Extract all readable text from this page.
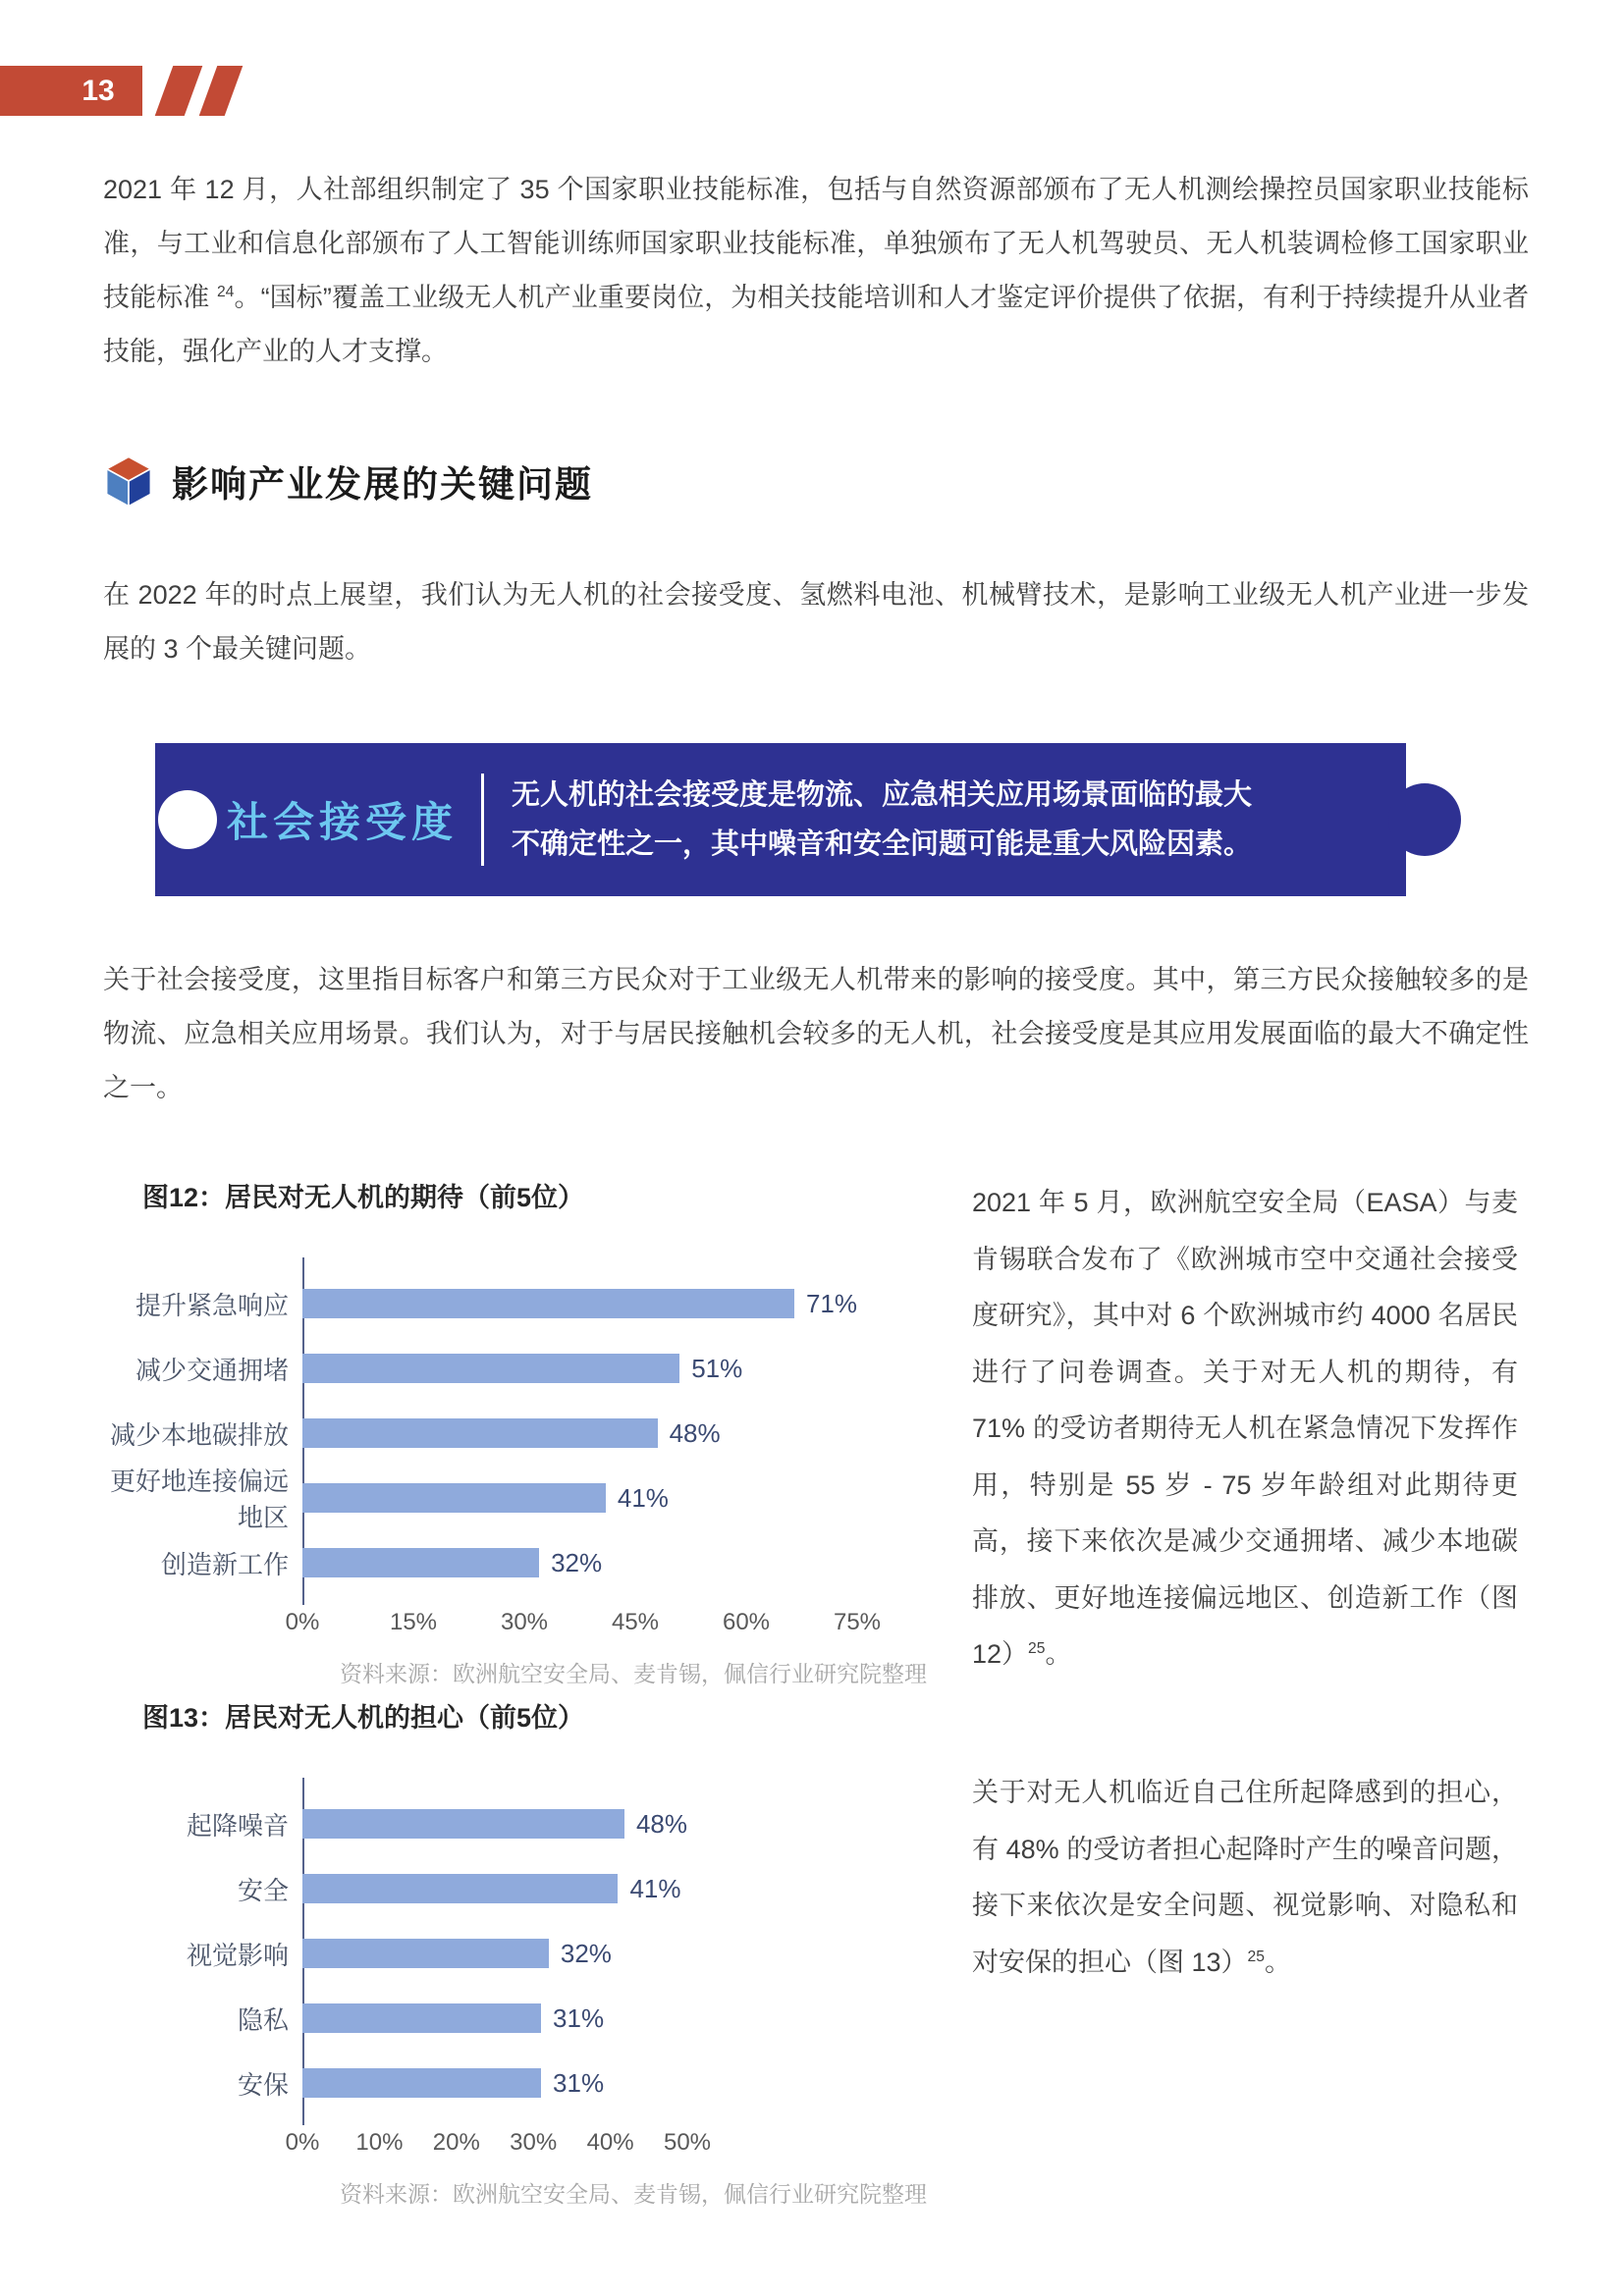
13

2021 年 12 月，人社部组织制定了 35 个国家职业技能标准，包括与自然资源部颁布了无人机测绘操控员国家职业技能标准，与工业和信息化部颁布了人工智能训练师国家职业技能标准，单独颁布了无人机驾驶员、无人机装调检修工国家职业技能标准 $^{24}$。“国标”覆盖工业级无人机产业重要岗位，为相关技能培训和人才鉴定评价提供了依据，有利于持续提升从业者技能，强化产业的人才支撑。

影响产业发展的关键问题

在 2022 年的时点上展望，我们认为无人机的社会接受度、氢燃料电池、机械臂技术，是影响工业级无人机产业进一步发展的 3 个最关键问题。

社会接受度
无人机的社会接受度是物流、应急相关应用场景面临的最大
不确定性之一，其中噪音和安全问题可能是重大风险因素。

关于社会接受度，这里指目标客户和第三方民众对于工业级无人机带来的影响的接受度。其中，第三方民众接触较多的是物流、应急相关应用场景。我们认为，对于与居民接触机会较多的无人机，社会接受度是其应用发展面临的最大不确定性之一。

图12：居民对无人机的期待（前5位）
提升紧急响应	71%
减少交通拥堵	51%
减少本地碳排放	48%
更好地连接偏远地区
41%
创造新工作	32%
0%	15%	30%	45%	60%	75%
资料来源：欧洲航空安全局、麦肯锡，佩信行业研究院整理

2021 年 5 月，欧洲航空安全局（EASA）与麦肯锡联合发布了《欧洲城市空中交通社会接受度研究》，其中对 6 个欧洲城市约 4000 名居民进行了问卷调查。关于对无人机的期待，有 71% 的受访者期待无人机在紧急情况下发挥作用，特别是 55 岁 - 75 岁年龄组对此期待更高，接下来依次是减少交通拥堵、减少本地碳排放、更好地连接偏远地区、创造新工作（图 12）$^{25}$。

图13：居民对无人机的担心（前5位）
起降噪音	48%
安全	41%
视觉影响	32%
隐私	31%
安保	31%
0% 10% 20% 30% 40% 50%
资料来源：欧洲航空安全局、麦肯锡，佩信行业研究院整理

关于对无人机临近自己住所起降感到的担心，有 48% 的受访者担心起降时产生的噪音问题，接下来依次是安全问题、视觉影响、对隐私和对安保的担心（图 13）$^{25}$。
